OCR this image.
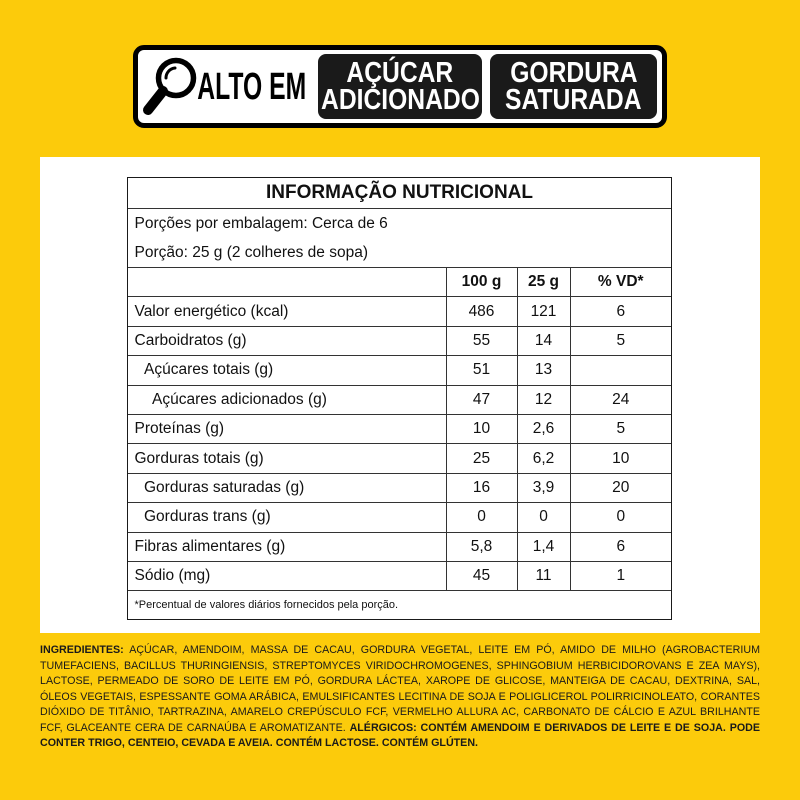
ALTO EM AÇÚCAR
ADICIONADO
GORDURA
SATURADA
INFORMAÇÃO NUTRICIONAL
Porções por embalagem: Cerca de 6
Porção: 25 g (2 colheres de sopa)
100 g	25 g	% VD*
Valor energético (kcal)	486	121	6
Carboidratos (g)	55	14	5
Açúcares totais (g)	51	13
Açúcares adicionados (g)	47	12	24
Proteínas (g)	10	2,6	5
Gorduras totais (g)	25	6,2	10
Gorduras saturadas (g)	16	3,9	20
Gorduras trans (g)	0	0	0
Fibras alimentares (g)	5,8	1,4	6
Sódio (mg)	45	11	1
*Percentual de valores diários fornecidos pela porção.

INGREDIENTES: AÇÚCAR, AMENDOIM, MASSA DE CACAU, GORDURA VEGETAL, LEITE EM PÓ, AMIDO DE MILHO (AGROBACTERIUM TUMEFACIENS, BACILLUS THURINGIENSIS, STREPTOMYCES VIRIDOCHROMOGENES, SPHINGOBIUM HERBICIDOROVANS E ZEA MAYS), LACTOSE, PERMEADO DE SORO DE LEITE EM PÓ, GORDURA LÁCTEA, XAROPE DE GLICOSE, MANTEIGA DE CACAU, DEXTRINA, SAL, ÓLEOS VEGETAIS, ESPESSANTE GOMA ARÁBICA, EMULSIFICANTES LECITINA DE SOJA E POLIGLICEROL POLIRRICINOLEATO, CORANTES DIÓXIDO DE TITÂNIO, TARTRAZINA, AMARELO CREPÚSCULO FCF, VERMELHO ALLURA AC, CARBONATO DE CÁLCIO E AZUL BRILHANTE FCF, GLACEANTE CERA DE CARNAÚBA E AROMATIZANTE. ALÉRGICOS: CONTÉM AMENDOIM E DERIVADOS DE LEITE E DE SOJA. PODE CONTER TRIGO, CENTEIO, CEVADA E AVEIA. CONTÉM LACTOSE. CONTÉM GLÚTEN.
